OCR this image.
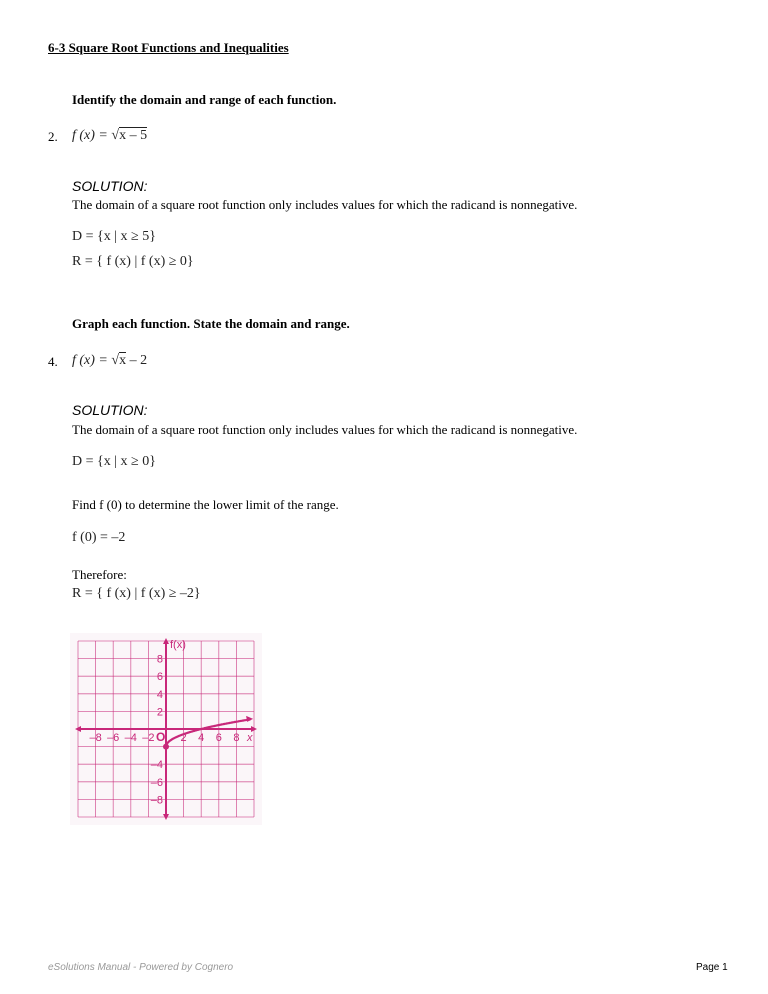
6-3 Square Root Functions and Inequalities
Identify the domain and range of each function.
2. f (x) = √x – 5
SOLUTION:
The domain of a square root function only includes values for which the radicand is nonnegative.
D = {x | x ≥ 5}
R = { f (x) | f (x) ≥ 0}
Graph each function. State the domain and range.
4. f (x) = √x – 2
SOLUTION:
The domain of a square root function only includes values for which the radicand is nonnegative.
D = {x | x ≥ 0}
Find f (0) to determine the lower limit of the range.
f (0) = –2
Therefore:
R = { f (x) | f (x) ≥ –2}
–8 –6 –4 –2 2 4 6 8
8
6
4
2
–4
–6
–8
f(x)
x
O
eSolutions Manual - Powered by Cognero	Page 1
